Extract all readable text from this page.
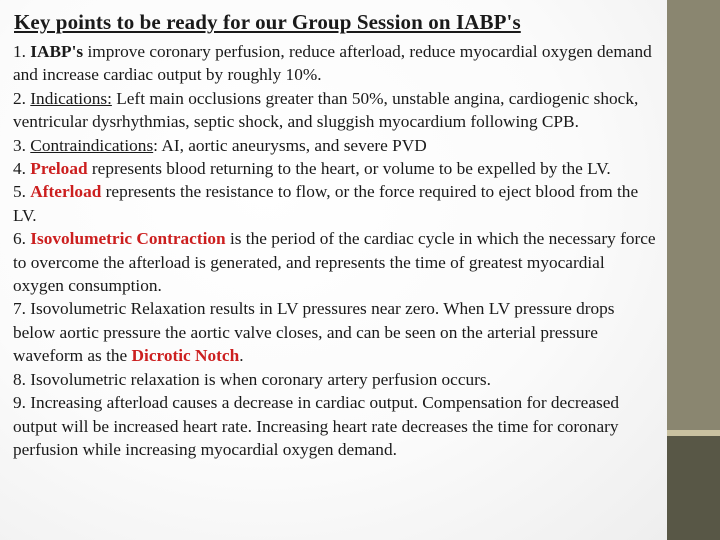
Key points to be ready for our Group Session on IABP's

1. IABP's improve coronary perfusion, reduce afterload, reduce myocardial oxygen demand and increase cardiac output by roughly 10%.

2. Indications: Left main occlusions greater than 50%, unstable angina, cardiogenic shock, ventricular dysrhythmias, septic shock, and sluggish myocardium following CPB.

3. Contraindications: AI, aortic aneurysms, and severe PVD

4. Preload represents blood returning to the heart, or volume to be expelled by the LV.

5. Afterload represents the resistance to flow, or the force required to eject blood from the LV.

6. Isovolumetric Contraction is the period of the cardiac cycle in which the necessary force to overcome the afterload is generated, and represents the time of greatest myocardial oxygen consumption.

7. Isovolumetric Relaxation results in LV pressures near zero. When LV pressure drops below aortic pressure the aortic valve closes, and can be seen on the arterial pressure waveform as the Dicrotic Notch.

8. Isovolumetric relaxation is when coronary artery perfusion occurs.

9. Increasing afterload causes a decrease in cardiac output. Compensation for decreased output will be increased heart rate. Increasing heart rate decreases the time for coronary perfusion while increasing myocardial oxygen demand.
